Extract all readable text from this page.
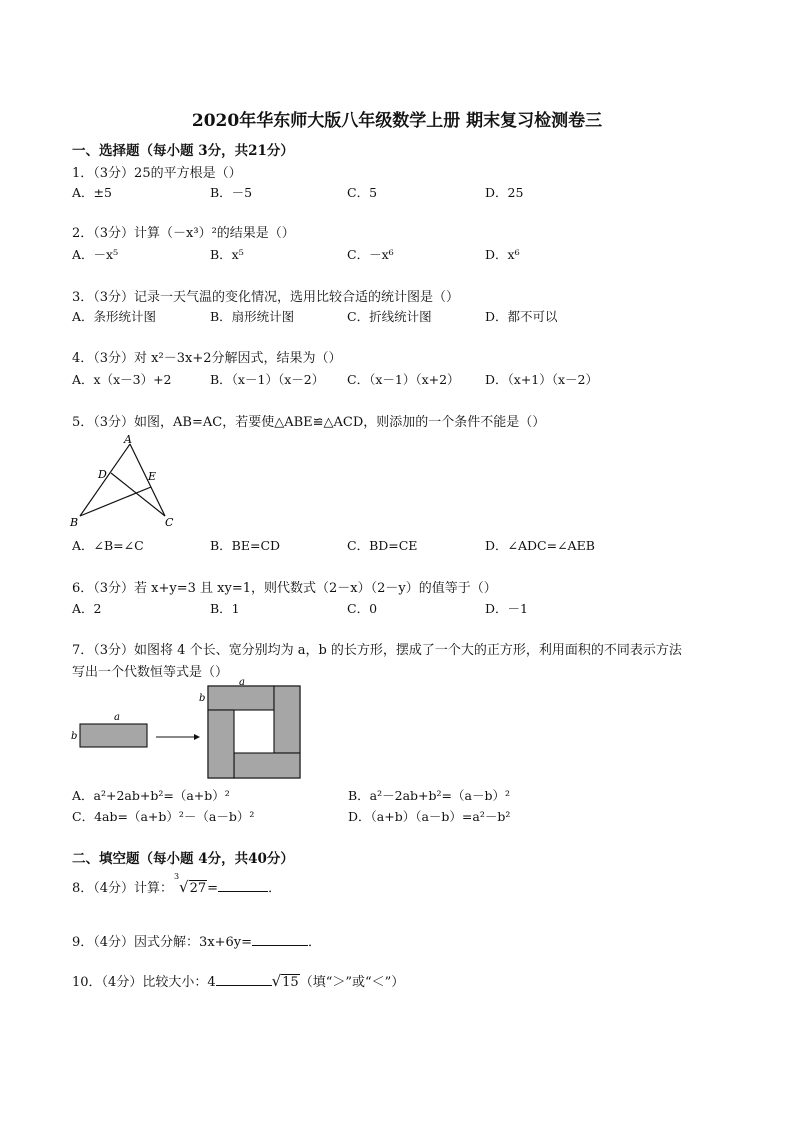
2020年华东师大版八年级数学上册 期末复习检测卷三
一、选择题（每小题 3分，共21分）
1．（3分）25的平方根是（）
A．±5	B．－5	C．5	D．25
2．（3分）计算（－x³）²的结果是（）
A．－x⁵	B．x⁵	C．－x⁶	D．x⁶
3．（3分）记录一天气温的变化情况，选用比较合适的统计图是（）
A．条形统计图	B．扇形统计图	C．折线统计图	D．都不可以
4．（3分）对 x²－3x+2分解因式，结果为（）
A．x（x－3）+2	B．（x－1）（x－2） C．（x－1）（x+2） D．（x+1）（x－2）
5．（3分）如图，AB=AC，若要使△ABE≌△ACD，则添加的一个条件不能是（）
A
D	E
B	C
A．∠B=∠C	B．BE=CD	C．BD=CE	D．∠ADC=∠AEB
6．（3分）若 x+y=3 且 xy=1，则代数式（2－x）（2－y）的值等于（）
A．2	B．1	C．0	D．－1
7．（3分）如图将 4 个长、宽分别均为 a，b 的长方形，摆成了一个大的正方形，利用面积的不同表示方法
写出一个代数恒等式是（）
a
b
a
b
A．a²+2ab+b²=（a+b）²	B．a²－2ab+b²=（a－b）²
C．4ab=（a+b）²－（a－b）²	D．（a+b）（a－b）=a²－b²
二、填空题（每小题 4分，共40分）
8．（4分）计算：
3
√27=	．
9．（4分）因式分解：3x+6y=	．
10．（4分）比较大小：4	√15（填“＞”或“＜”）
